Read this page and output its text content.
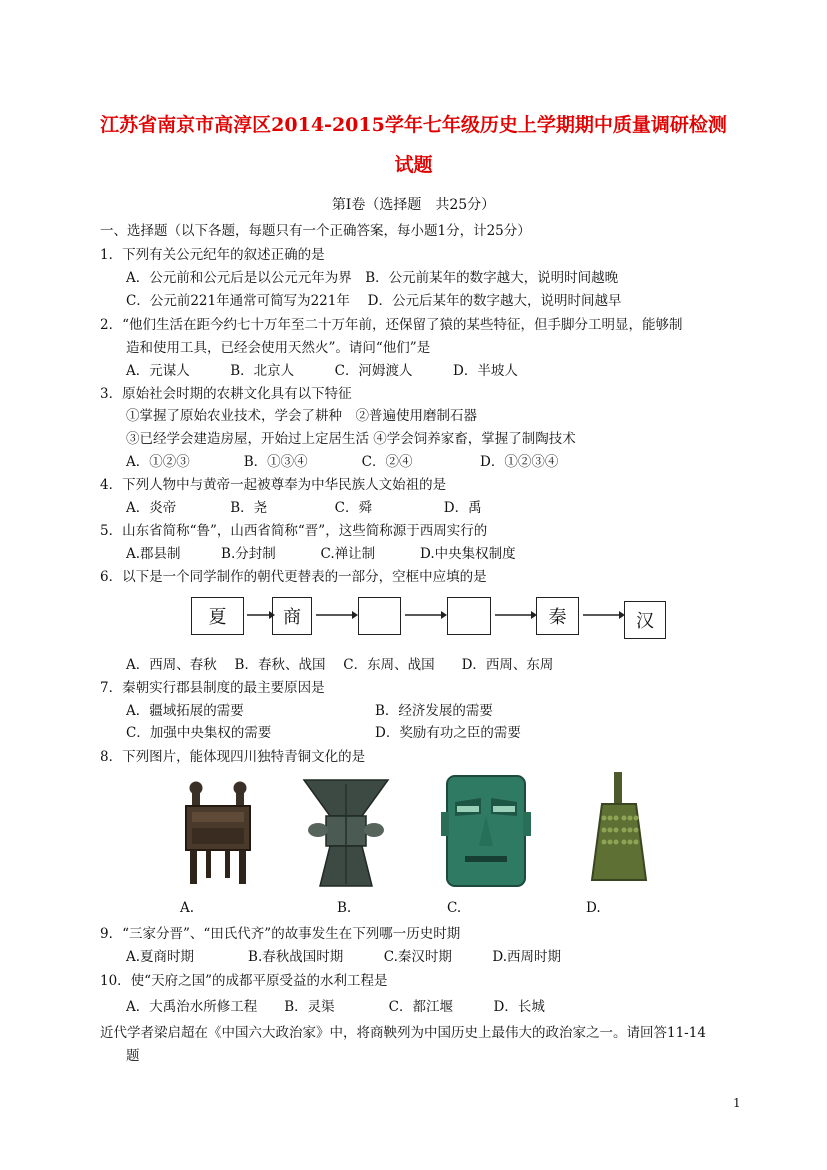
江苏省南京市高淳区2014-2015学年七年级历史上学期期中质量调研检测
试题
第Ⅰ卷（选择题　共25分）
一、选择题（以下各题，每题只有一个正确答案，每小题1分，计25分）
1．下列有关公元纪年的叙述正确的是
A．公元前和公元后是以公元元年为界　B．公元前某年的数字越大，说明时间越晚
C．公元前221年通常可简写为221年　 D．公元后某年的数字越大，说明时间越早
2．“他们生活在距今约七十万年至二十万年前，还保留了猿的某些特征，但手脚分工明显，能够制
造和使用工具，已经会使用天然火”。请问“他们”是
A．元谋人　　　B．北京人　　　C．河姆渡人　　　D．半坡人
3．原始社会时期的农耕文化具有以下特征
①掌握了原始农业技术，学会了耕种　②普遍使用磨制石器
③已经学会建造房屋，开始过上定居生活 ④学会饲养家畜，掌握了制陶技术
A．①②③　　　　B．①③④　　　　C．②④　　　　　D．①②③④
4．下列人物中与黄帝一起被尊奉为中华民族人文始祖的是
A．炎帝　　　　B．尧　　　　　C．舜　　　　　 D．禹
5．山东省简称“鲁”，山西省简称“晋”，这些简称源于西周实行的
A.郡县制　　　B.分封制　　　 C.禅让制　　　 D.中央集权制度
6．以下是一个同学制作的朝代更替表的一部分，空框中应填的是
夏	商	秦	汉
A．西周、春秋　 B．春秋、战国　 C．东周、战国　　D．西周、东周
7．秦朝实行郡县制度的最主要原因是
A．疆域拓展的需要	B．经济发展的需要
C．加强中央集权的需要	D．奖励有功之臣的需要
8．下列图片，能体现四川独特青铜文化的是
A.	B.	C.	D.
9．“三家分晋”、“田氏代齐”的故事发生在下列哪一历史时期
A.夏商时期　　　　B.春秋战国时期　　　C.秦汉时期　　　D.西周时期
10．使“天府之国”的成都平原受益的水利工程是
A．大禹治水所修工程　　B．灵渠　　　　C．都江堰　　　D．长城
近代学者梁启超在《中国六大政治家》中，将商鞅列为中国历史上最伟大的政治家之一。请回答11-14
题
1
